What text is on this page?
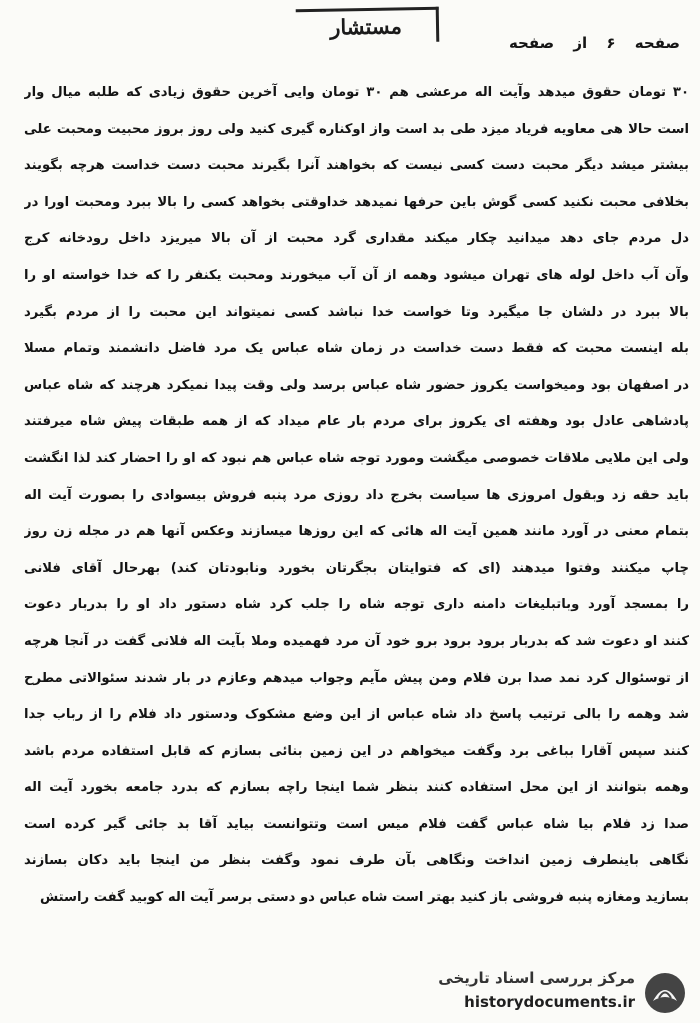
مستشار
صفحه ۶ از صفحه
۳۰ تومان حقوق میدهد وآیت اله مرعشی هم ۳۰ تومان وایی آخرین حقوق زیادی که طلبه میال وار
است حالا هی معاویه فریاد میزد طی بد است واز اوکناره گیری کنید ولی روز بروز محبیت ومحبت علی
بیشتر میشد دیگر محبت دست کسی نیست که بخواهند آنرا بگیرند محبت دست خداست هرچه بگویند
بخلافی محبت نکنید کسی گوش باین حرفها نمیدهد خداوقتی بخواهد کسی را بالا ببرد ومحبت اورا در
دل مردم جای دهد میدانید چکار میکند مقداری گرد محبت از آن بالا میریزد داخل رودخانه کرج
وآن آب داخل لوله های تهران میشود وهمه از آن آب میخورند ومحبت یکنفر را که خدا خواسته او را
بالا ببرد در دلشان جا میگیرد وتا خواست خدا نباشد کسی نمیتواند این محبت را از مردم بگیرد
بله اینست محبت که فقط دست خداست در زمان شاه عباس یک مرد فاضل دانشمند وتمام مسلا
در اصفهان بود ومیخواست یکروز حضور شاه عباس برسد ولی وقت پیدا نمیکرد هرچند که شاه عباس
پادشاهی عادل بود وهفته ای یکروز برای مردم بار عام میداد که از همه طبقات پیش شاه میرفتند
ولی این ملایی ملاقات خصوصی میگشت ومورد توجه شاه عباس هم نبود که او را احضار کند لذا انگشت
باید حقه زد وبقول امروزی ها سیاست بخرج داد روزی مرد پنبه فروش بیسوادی را بصورت آیت اله
بتمام معنی در آورد مانند همین آیت اله هائی که این روزها میسازند وعکس آنها هم در مجله زن روز
چاپ میکنند وفتوا میدهند (ای که فتوایتان بجگرتان بخورد ونابودتان کند) بهرحال آقای فلانی
را بمسجد آورد وباتبلیغات دامنه داری توجه شاه را جلب کرد شاه دستور داد او را بدربار دعوت
کنند او دعوت شد که بدربار برود برود برو خود آن مرد فهمیده وملا بآیت اله فلانی گفت در آنجا هرچه
از توسئوال کرد نمد صدا برن فلام ومن پیش مآیم وجواب میدهم وعازم در بار شدند سئوالاتی مطرح
شد وهمه را بالی ترتیب پاسخ داد شاه عباس از این وضع مشکوک ودستور داد فلام را از رباب جدا
کنند سپس آقارا بباغی برد وگفت میخواهم در این زمین بنائی بسازم که قابل استفاده مردم باشد
وهمه بتوانند از این محل استفاده کنند بنظر شما اینجا راچه بسازم که بدرد جامعه بخورد آیت اله
صدا زد فلام بیا شاه عباس گفت فلام میس است وتتوانست بیاید آقا بد جائی گیر کرده است
نگاهی باینطرف زمین انداخت ونگاهی بآن طرف نمود وگفت بنظر من اینجا باید دکان بسازند
بسازید ومغازه پنبه فروشی باز کنید بهتر است شاه عباس دو دستی برسر آیت اله کوبید گفت راستش
مرکز بررسی اسناد تاریخی
historydocuments.ir
